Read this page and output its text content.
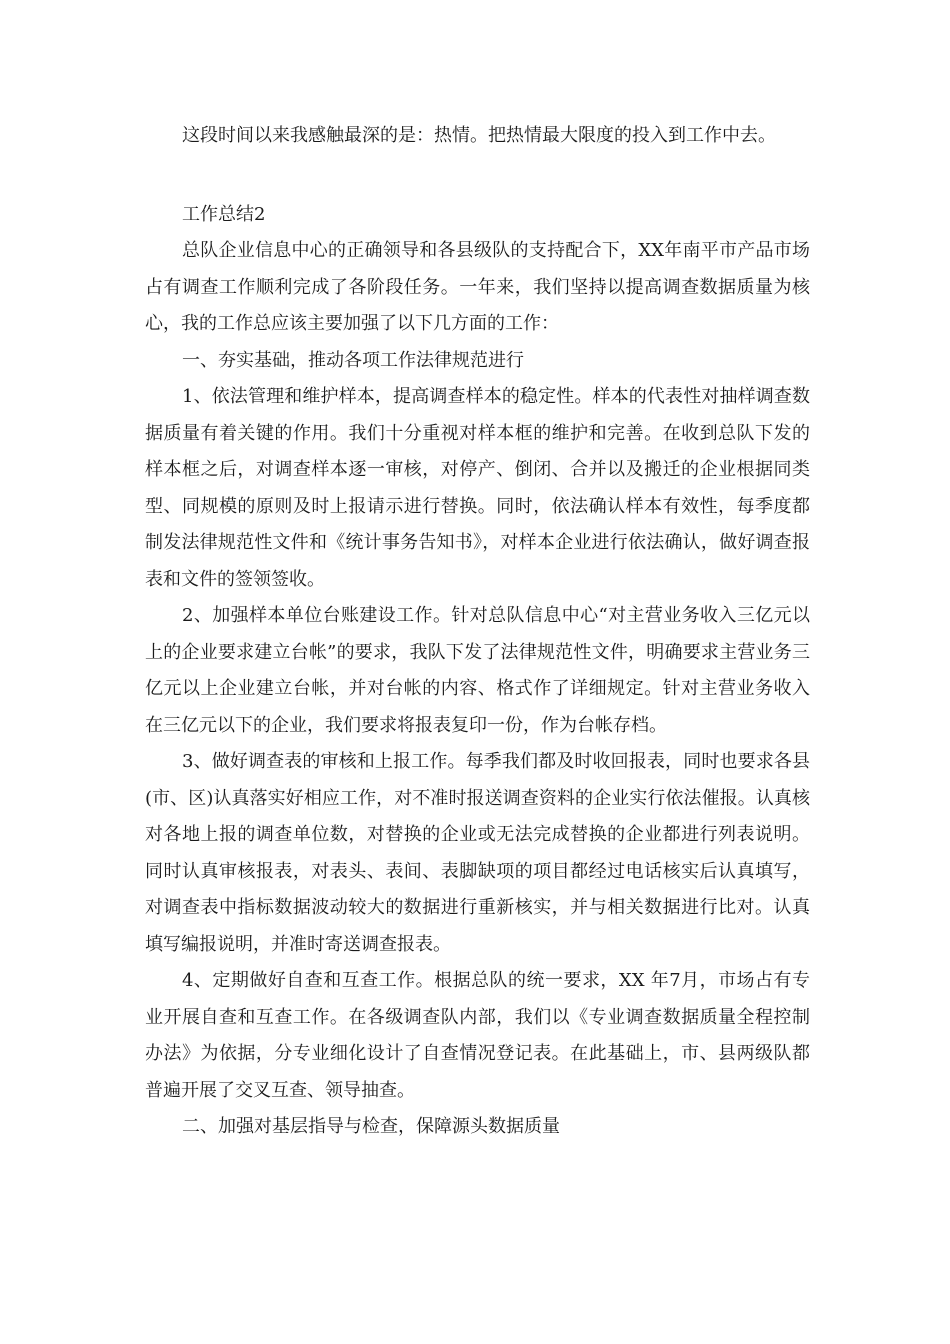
这段时间以来我感触最深的是：热情。把热情最大限度的投入到工作中去。

工作总结2

总队企业信息中心的正确领导和各县级队的支持配合下，XX年南平市产品市场占有调查工作顺利完成了各阶段任务。一年来，我们坚持以提高调查数据质量为核心，我的工作总应该主要加强了以下几方面的工作：

一、夯实基础，推动各项工作法律规范进行

1、依法管理和维护样本，提高调查样本的稳定性。样本的代表性对抽样调查数据质量有着关键的作用。我们十分重视对样本框的维护和完善。在收到总队下发的样本框之后，对调查样本逐一审核，对停产、倒闭、合并以及搬迁的企业根据同类型、同规模的原则及时上报请示进行替换。同时，依法确认样本有效性，每季度都制发法律规范性文件和《统计事务告知书》，对样本企业进行依法确认，做好调查报表和文件的签领签收。

2、加强样本单位台账建设工作。针对总队信息中心“对主营业务收入三亿元以上的企业要求建立台帐”的要求，我队下发了法律规范性文件，明确要求主营业务三亿元以上企业建立台帐，并对台帐的内容、格式作了详细规定。针对主营业务收入在三亿元以下的企业，我们要求将报表复印一份，作为台帐存档。

3、做好调查表的审核和上报工作。每季我们都及时收回报表，同时也要求各县(市、区)认真落实好相应工作，对不准时报送调查资料的企业实行依法催报。认真核对各地上报的调查单位数，对替换的企业或无法完成替换的企业都进行列表说明。同时认真审核报表，对表头、表间、表脚缺项的项目都经过电话核实后认真填写，对调查表中指标数据波动较大的数据进行重新核实，并与相关数据进行比对。认真填写编报说明，并准时寄送调查报表。

4、定期做好自查和互查工作。根据总队的统一要求，XX 年7月，市场占有专业开展自查和互查工作。在各级调查队内部，我们以《专业调查数据质量全程控制办法》为依据，分专业细化设计了自查情况登记表。在此基础上，市、县两级队都普遍开展了交叉互查、领导抽查。

二、加强对基层指导与检查，保障源头数据质量
